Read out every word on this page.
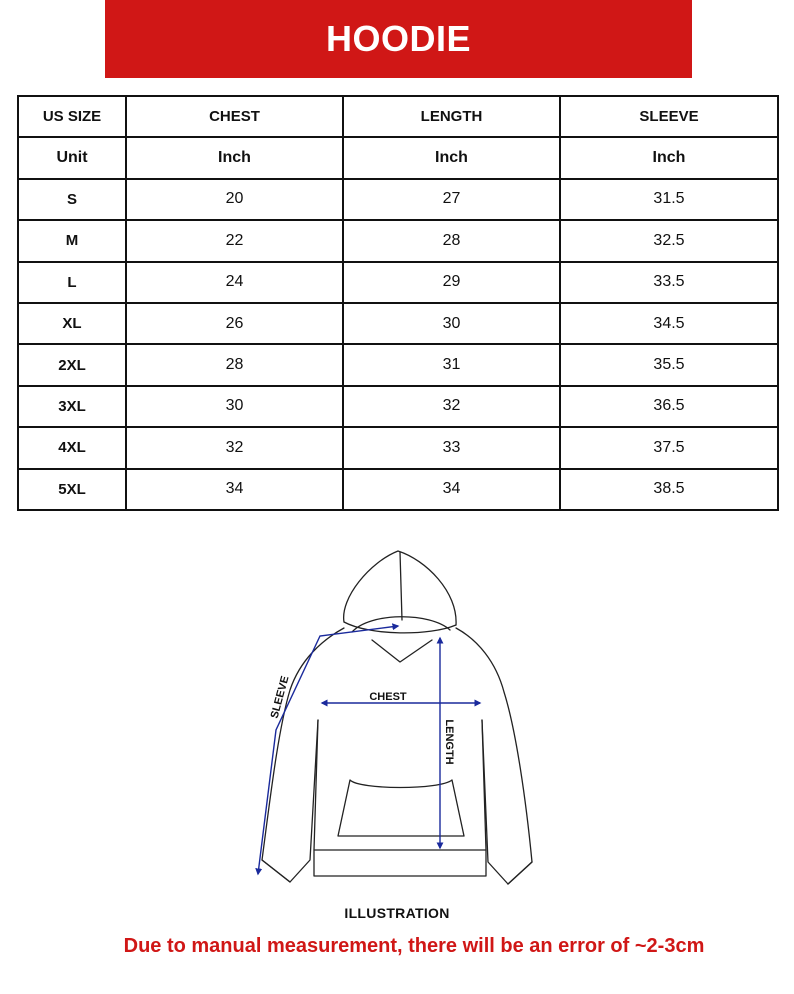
HOODIE
US SIZE	CHEST	LENGTH	SLEEVE
Unit	Inch	Inch	Inch
S	20	27	31.5
M	22	28	32.5
L	24	29	33.5
XL	26	30	34.5
2XL	28	31	35.5
3XL	30	32	36.5
4XL	32	33	37.5
5XL	34	34	38.5
CHEST
LENGTH
SLEEVE
ILLUSTRATION
Due to manual measurement, there will be an error of ~2-3cm
